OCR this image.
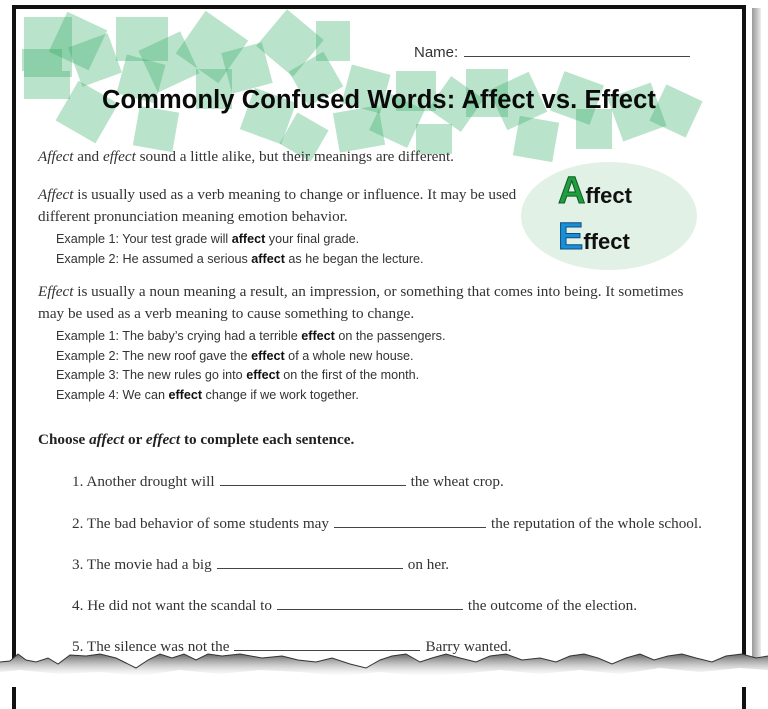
Name:
Commonly Confused Words: Affect vs. Effect
Affect and effect sound a little alike, but their meanings are different.
Affect is usually used as a verb meaning to change or influence. It may be used
different pronunciation meaning emotion behavior.
Affect
Effect
Example 1: Your test grade will affect your final grade.
Example 2: He assumed a serious affect as he began the lecture.
Effect is usually a noun meaning a result, an impression, or something that comes into being. It sometimes
may be used as a verb meaning to cause something to change.
Example 1: The baby’s crying had a terrible effect on the passengers.
Example 2: The new roof gave the effect of a whole new house.
Example 3: The new rules go into effect on the first of the month.
Example 4: We can effect change if we work together.
Choose affect or effect to complete each sentence.
1. Another drought will	the wheat crop.
2. The bad behavior of some students may	the reputation of the whole school.
3. The movie had a big	on her.
4. He did not want the scandal to	the outcome of the election.
5. The silence was not the	Barry wanted.
